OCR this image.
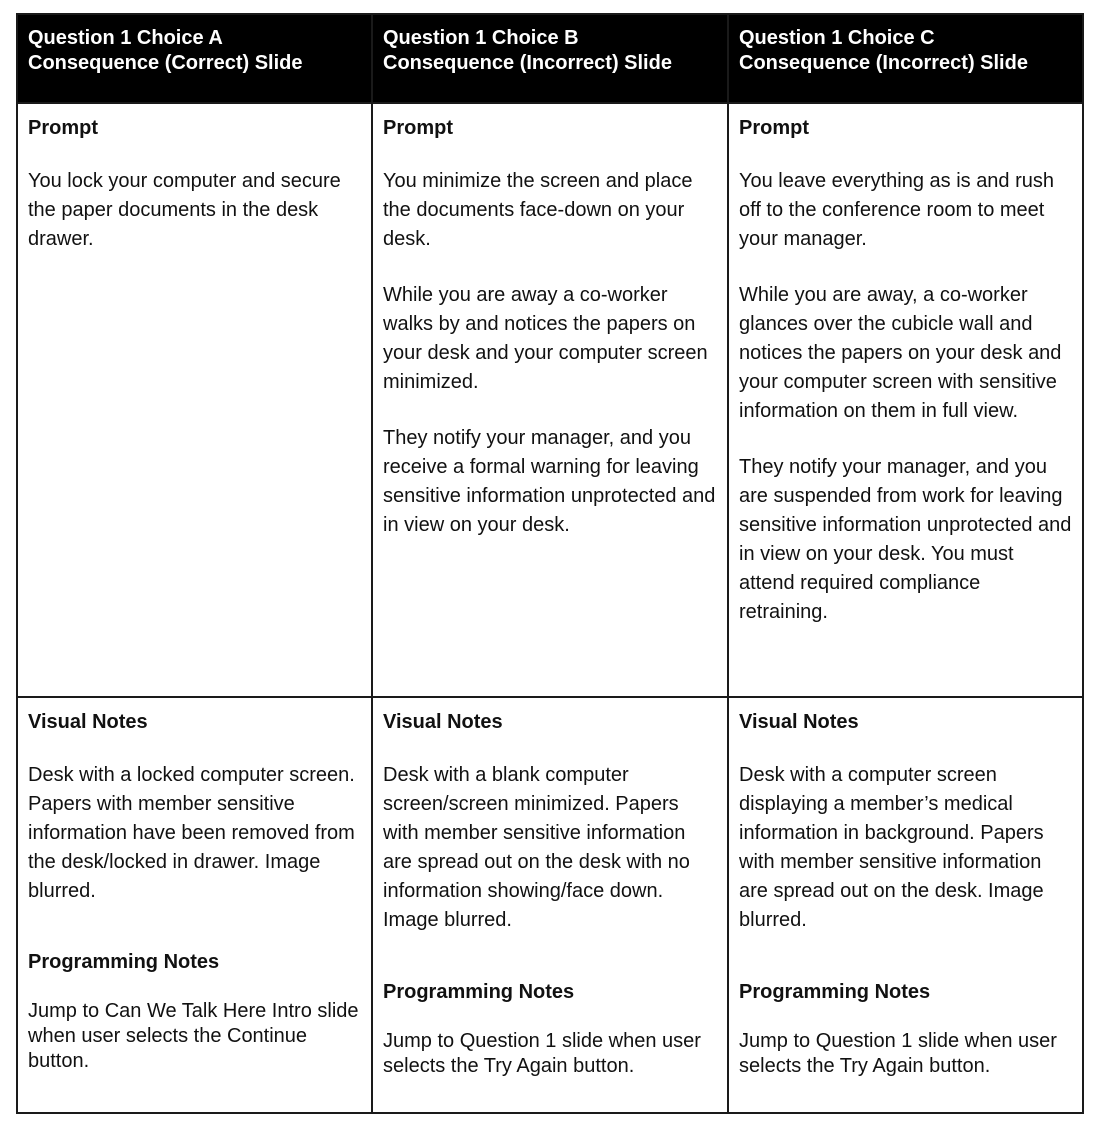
Question 1 Choice A
Consequence (Correct) Slide
Question 1 Choice B
Consequence (Incorrect) Slide
Question 1 Choice C
Consequence (Incorrect) Slide
Prompt
You lock your computer and secure the paper documents in the desk drawer.
Prompt
You minimize the screen and place the documents face-down on your desk.
While you are away a co-worker walks by and notices the papers on your desk and your computer screen minimized.
They notify your manager, and you receive a formal warning for leaving sensitive information unprotected and in view on your desk.
Prompt
You leave everything as is and rush off to the conference room to meet your manager.
While you are away, a co-worker glances over the cubicle wall and notices the papers on your desk and your computer screen with sensitive information on them in full view.
They notify your manager, and you are suspended from work for leaving sensitive information unprotected and in view on your desk. You must attend required compliance retraining.
Visual Notes
Desk with a locked computer screen. Papers with member sensitive information have been removed from the desk/locked in drawer. Image blurred.
Programming Notes
Jump to Can We Talk Here Intro slide when user selects the Continue button.
Visual Notes
Desk with a blank computer screen/screen minimized. Papers with member sensitive information are spread out on the desk with no information showing/face down. Image blurred.
Programming Notes
Jump to Question 1 slide when user selects the Try Again button.
Visual Notes
Desk with a computer screen displaying a member’s medical information in background. Papers with member sensitive information are spread out on the desk. Image blurred.
Programming Notes
Jump to Question 1 slide when user selects the Try Again button.
